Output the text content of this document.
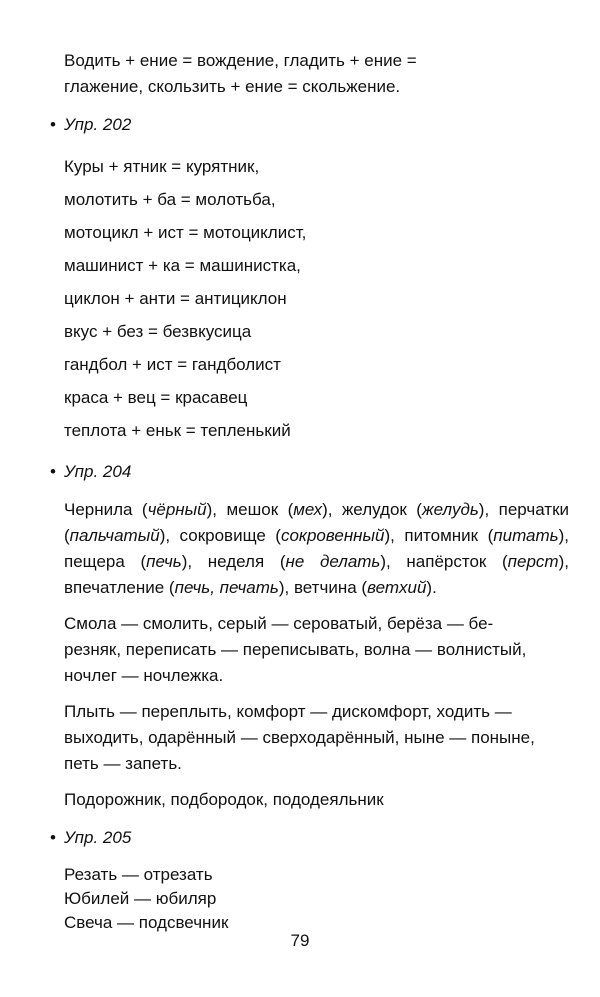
Водить + ение = вождение, гладить + ение =
глажение, скользить + ение = скольжение.

• Упр. 202

Куры + ятник = курятник,

молотить + ба = молотьба,

мотоцикл + ист = мотоциклист,

машинист + ка = машинистка,

циклон + анти = антициклон

вкус + без = безвкусица

гандбол + ист = гандболист

краса + вец = красавец

теплота + еньк = тепленький

• Упр. 204

Чернила (чёрный), мешок (мех), желудок (желудь), перчатки (пальчатый), сокровище (сокровенный), питомник (питать), пещера (печь), неделя (не делать), напёрсток (перст), впечатление (печь, печать), ветчина (ветхий).

Смола — смолить, серый — сероватый, берёза — бе-
резняк, переписать — переписывать, волна — волнистый,
ночлег — ночлежка.

Плыть — переплыть, комфорт — дискомфорт, ходить —
выходить, одарённый — сверходарённый, ныне — поныне,
петь — запеть.

Подорожник, подбородок, пододеяльник

• Упр. 205

Резать — отрезать

Юбилей — юбиляр

Свеча — подсвечник

79
